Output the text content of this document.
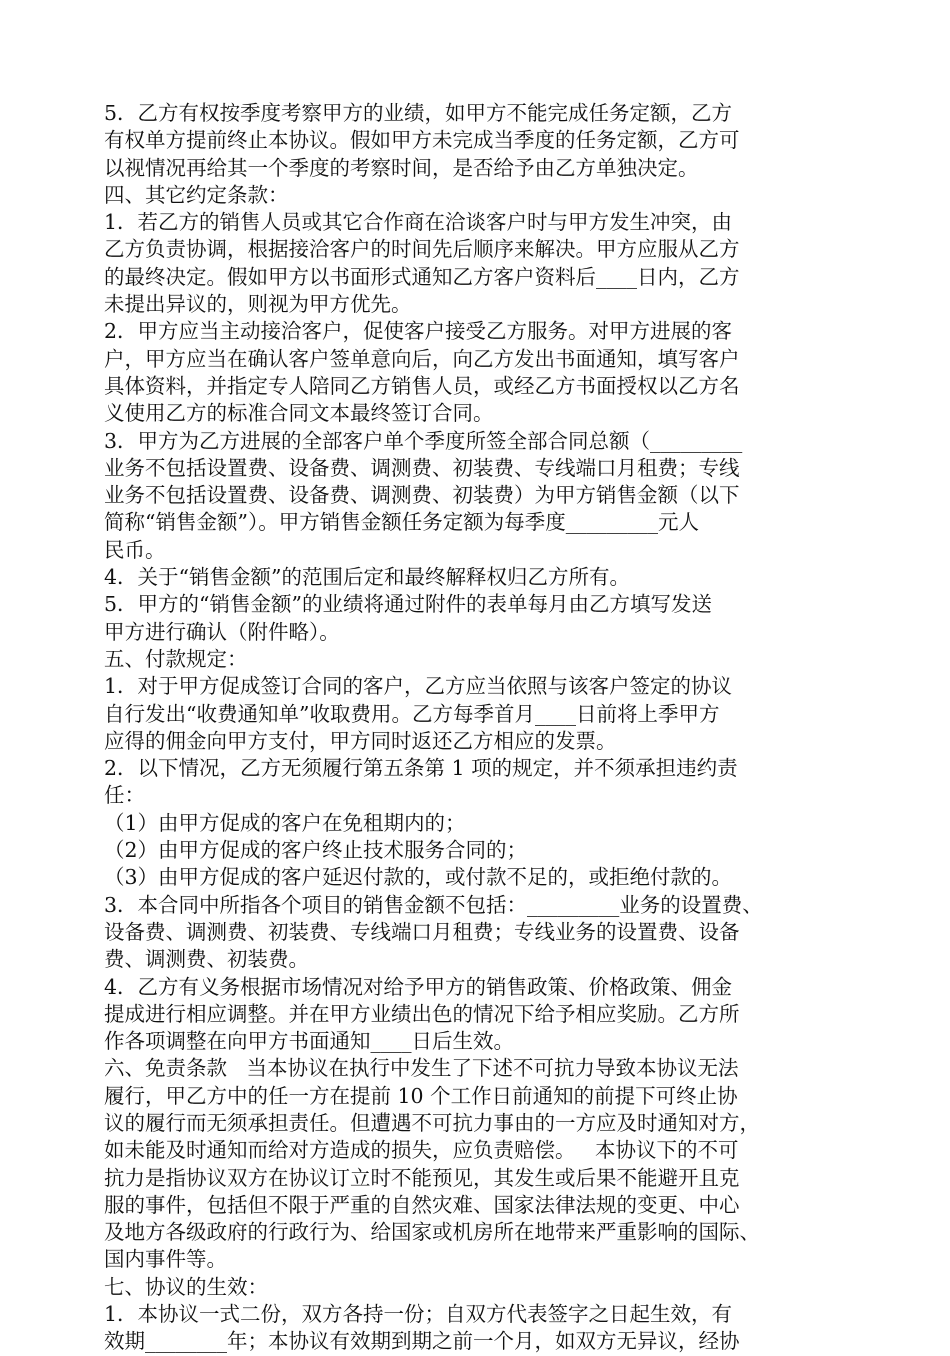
5．乙方有权按季度考察甲方的业绩，如甲方不能完成任务定额，乙方
有权单方提前终止本协议。假如甲方未完成当季度的任务定额，乙方可
以视情况再给其一个季度的考察时间，是否给予由乙方单独决定。
四、其它约定条款：
1．若乙方的销售人员或其它合作商在洽谈客户时与甲方发生冲突，由
乙方负责协调，根据接洽客户的时间先后顺序来解决。甲方应服从乙方
的最终决定。假如甲方以书面形式通知乙方客户资料后____日内，乙方
未提出异议的，则视为甲方优先。
2．甲方应当主动接洽客户，促使客户接受乙方服务。对甲方进展的客
户，甲方应当在确认客户签单意向后，向乙方发出书面通知，填写客户
具体资料，并指定专人陪同乙方销售人员，或经乙方书面授权以乙方名
义使用乙方的标准合同文本最终签订合同。
3．甲方为乙方进展的全部客户单个季度所签全部合同总额（_________
业务不包括设置费、设备费、调测费、初装费、专线端口月租费；专线
业务不包括设置费、设备费、调测费、初装费）为甲方销售金额（以下
简称“销售金额”）。甲方销售金额任务定额为每季度_________元人
民币。
4．关于“销售金额”的范围后定和最终解释权归乙方所有。
5．甲方的“销售金额”的业绩将通过附件的表单每月由乙方填写发送
甲方进行确认（附件略）。
五、付款规定：
1．对于甲方促成签订合同的客户，乙方应当依照与该客户签定的协议
自行发出“收费通知单”收取费用。乙方每季首月____日前将上季甲方
应得的佣金向甲方支付，甲方同时返还乙方相应的发票。
2．以下情况，乙方无须履行第五条第 1 项的规定，并不须承担违约责
任：
（1）由甲方促成的客户在免租期内的；
（2）由甲方促成的客户终止技术服务合同的；
（3）由甲方促成的客户延迟付款的，或付款不足的，或拒绝付款的。
3．本合同中所指各个项目的销售金额不包括：_________业务的设置费、
设备费、调测费、初装费、专线端口月租费；专线业务的设置费、设备
费、调测费、初装费。
4．乙方有义务根据市场情况对给予甲方的销售政策、价格政策、佣金
提成进行相应调整。并在甲方业绩出色的情况下给予相应奖励。乙方所
作各项调整在向甲方书面通知____日后生效。
六、免责条款   当本协议在执行中发生了下述不可抗力导致本协议无法
履行，甲乙方中的任一方在提前 10 个工作日前通知的前提下可终止协
议的履行而无须承担责任。但遭遇不可抗力事由的一方应及时通知对方，
如未能及时通知而给对方造成的损失，应负责赔偿。   本协议下的不可
抗力是指协议双方在协议订立时不能预见，其发生或后果不能避开且克
服的事件，包括但不限于严重的自然灾难、国家法律法规的变更、中心
及地方各级政府的行政行为、给国家或机房所在地带来严重影响的国际、
国内事件等。
七、协议的生效：
1．本协议一式二份，双方各持一份；自双方代表签字之日起生效，有
效期________年；本协议有效期到期之前一个月，如双方无异议，经协
